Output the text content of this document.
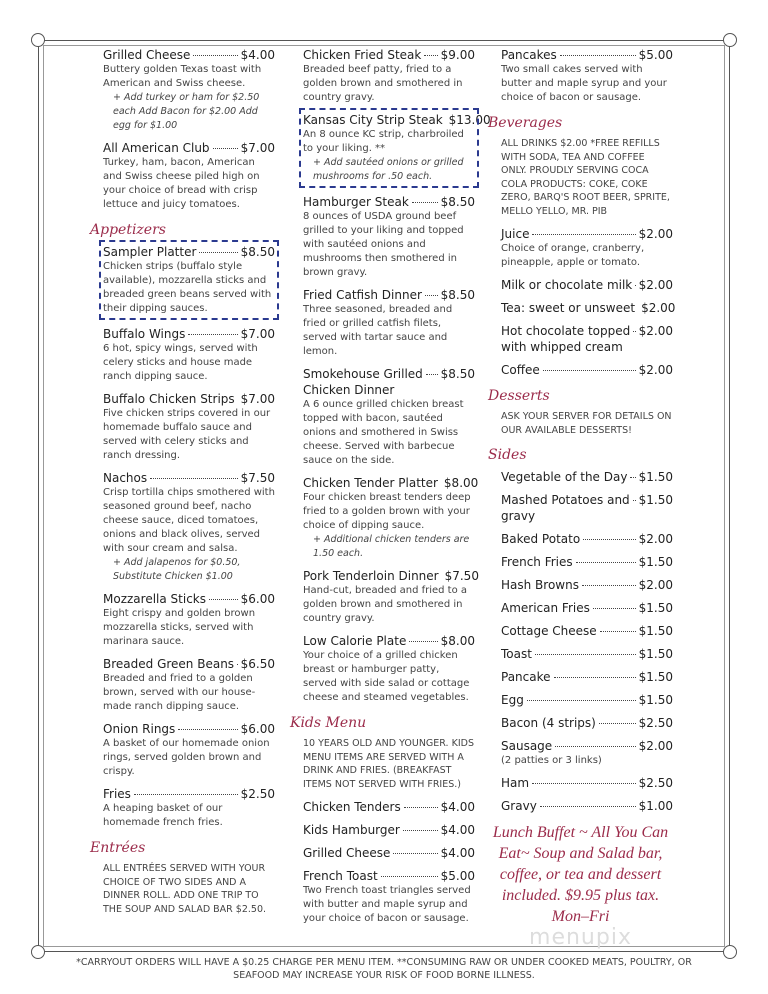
Grilled Cheese	$4.00
Buttery golden Texas toast with American and Swiss cheese.
+ Add turkey or ham for $2.50 each Add Bacon for $2.00 Add egg for $1.00
All American Club	$7.00
Turkey, ham, bacon, American and Swiss cheese piled high on your choice of bread with crisp lettuce and juicy tomatoes.
Appetizers
Sampler Platter	$8.50
Chicken strips (buffalo style available), mozzarella sticks and breaded green beans served with their dipping sauces.
Buffalo Wings	$7.00
6 hot, spicy wings, served with celery sticks and house made ranch dipping sauce.
Buffalo Chicken Strips $7.00
Five chicken strips covered in our homemade buffalo sauce and served with celery sticks and ranch dressing.
Nachos	$7.50
Crisp tortilla chips smothered with seasoned ground beef, nacho cheese sauce, diced tomatoes, onions and black olives, served with sour cream and salsa.
+ Add jalapenos for $0.50, Substitute Chicken $1.00
Mozzarella Sticks	$6.00
Eight crispy and golden brown mozzarella sticks, served with marinara sauce.
Breaded Green Beans $6.50
Breaded and fried to a golden brown, served with our house-made ranch dipping sauce.
Onion Rings	$6.00
A basket of our homemade onion rings, served golden brown and crispy.
Fries	$2.50
A heaping basket of our homemade french fries.
Entrées
ALL ENTRÉES SERVED WITH YOUR CHOICE OF TWO SIDES AND A DINNER ROLL. ADD ONE TRIP TO THE SOUP AND SALAD BAR $2.50.
Chicken Fried Steak $9.00
Breaded beef patty, fried to a golden brown and smothered in country gravy.
Kansas City Strip Steak $13.00
An 8 ounce KC strip, charbroiled to your liking. **
+ Add sautéed onions or grilled mushrooms for .50 each.
Hamburger Steak	$8.50
8 ounces of USDA ground beef grilled to your liking and topped with sautéed onions and mushrooms then smothered in brown gravy.
Fried Catfish Dinner $8.50
Three seasoned, breaded and fried or grilled catfish filets, served with tartar sauce and lemon.
Smokehouse Grilled $8.50
Chicken Dinner
A 6 ounce grilled chicken breast topped with bacon, sautéed onions and smothered in Swiss cheese. Served with barbecue sauce on the side.
Chicken Tender Platter $8.00
Four chicken breast tenders deep fried to a golden brown with your choice of dipping sauce.
+ Additional chicken tenders are 1.50 each.
Pork Tenderloin Dinner $7.50
Hand-cut, breaded and fried to a golden brown and smothered in country gravy.
Low Calorie Plate	$8.00
Your choice of a grilled chicken breast or hamburger patty, served with side salad or cottage cheese and steamed vegetables.
Kids Menu
10 YEARS OLD AND YOUNGER. KIDS MENU ITEMS ARE SERVED WITH A DRINK AND FRIES. (BREAKFAST ITEMS NOT SERVED WITH FRIES.)
Chicken Tenders	$4.00
Kids Hamburger	$4.00
Grilled Cheese	$4.00
French Toast	$5.00
Two French toast triangles served with butter and maple syrup and your choice of bacon or sausage.
Pancakes	$5.00
Two small cakes served with butter and maple syrup and your choice of bacon or sausage.
Beverages
ALL DRINKS $2.00 *FREE REFILLS WITH SODA, TEA AND COFFEE ONLY. PROUDLY SERVING COCA COLA PRODUCTS: COKE, COKE ZERO, BARQ'S ROOT BEER, SPRITE, MELLO YELLO, MR. PIB
Juice	$2.00
Choice of orange, cranberry, pineapple, apple or tomato.
Milk or chocolate milk $2.00
Tea: sweet or unsweet $2.00
Hot chocolate topped $2.00
with whipped cream
Coffee	$2.00
Desserts
ASK YOUR SERVER FOR DETAILS ON OUR AVAILABLE DESSERTS!
Sides
Vegetable of the Day $1.50
Mashed Potatoes and $1.50
gravy
Baked Potato	$2.00
French Fries	$1.50
Hash Browns	$2.00
American Fries	$1.50
Cottage Cheese	$1.50
Toast	$1.50
Pancake	$1.50
Egg	$1.50
Bacon (4 strips)	$2.50
Sausage	$2.00
(2 patties or 3 links)
Ham	$2.50
Gravy	$1.00
Lunch Buffet ~ All You Can Eat~ Soup and Salad bar, coffee, or tea and dessert included. $9.95 plus tax. Mon–Fri
menupix
*CARRYOUT ORDERS WILL HAVE A $0.25 CHARGE PER MENU ITEM. **CONSUMING RAW OR UNDER COOKED MEATS, POULTRY, OR SEAFOOD MAY INCREASE YOUR RISK OF FOOD BORNE ILLNESS.
